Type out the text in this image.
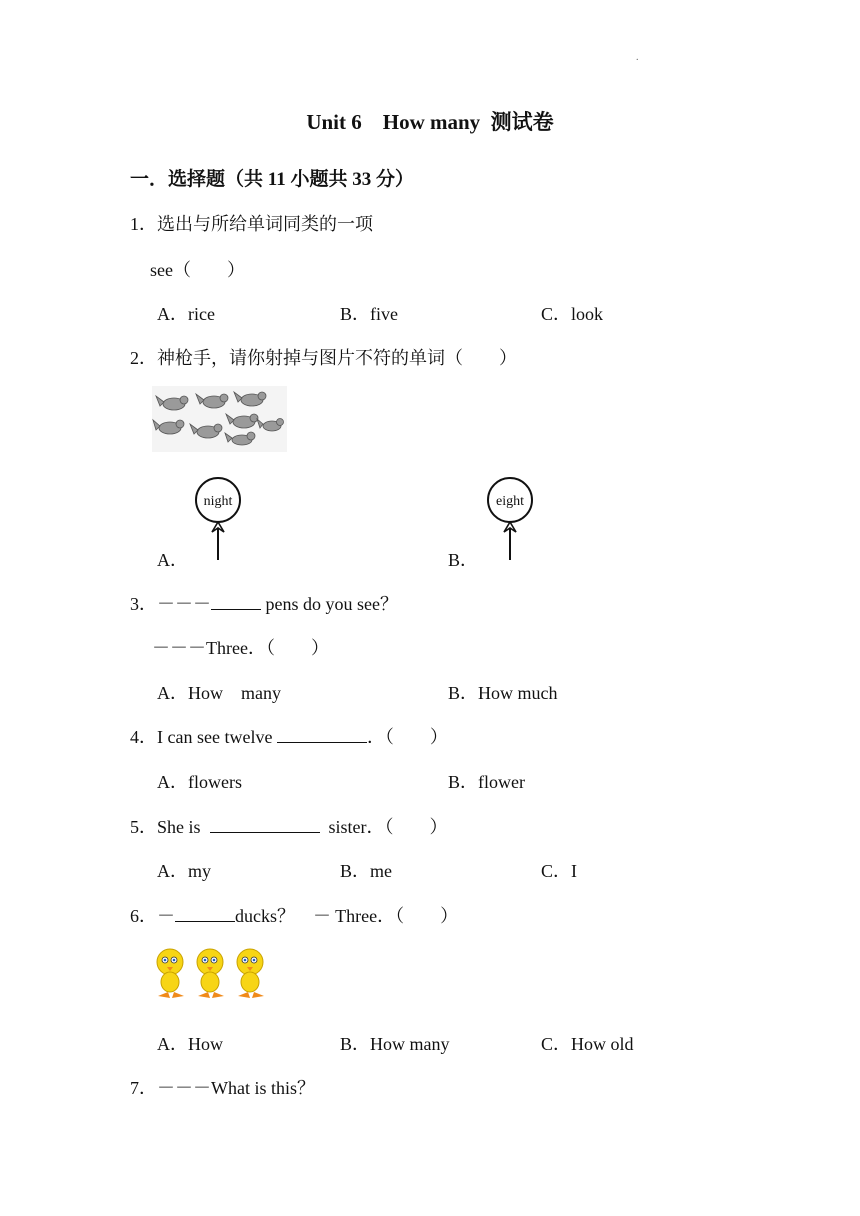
.
Unit 6　How many  测试卷
一．选择题（共 11 小题共 33 分）
1．选出与所给单词同类的一项
see（　　）
A．rice	B．five	C．look
2．神枪手，请你射掉与图片不符的单词（　　）
A．
night
B．
eight
3．－－－	pens do you see？
－－－Three．（　　）
A．How　many	B．How much
4．I can see twelve	．（　　）
A．flowers	B．flower
5．She is	sister．（　　）
A．my	B．me	C．I
6．－	ducks？　－ Three．（　　）
A．How	B．How many	C．How old
7．－－－What is this？
